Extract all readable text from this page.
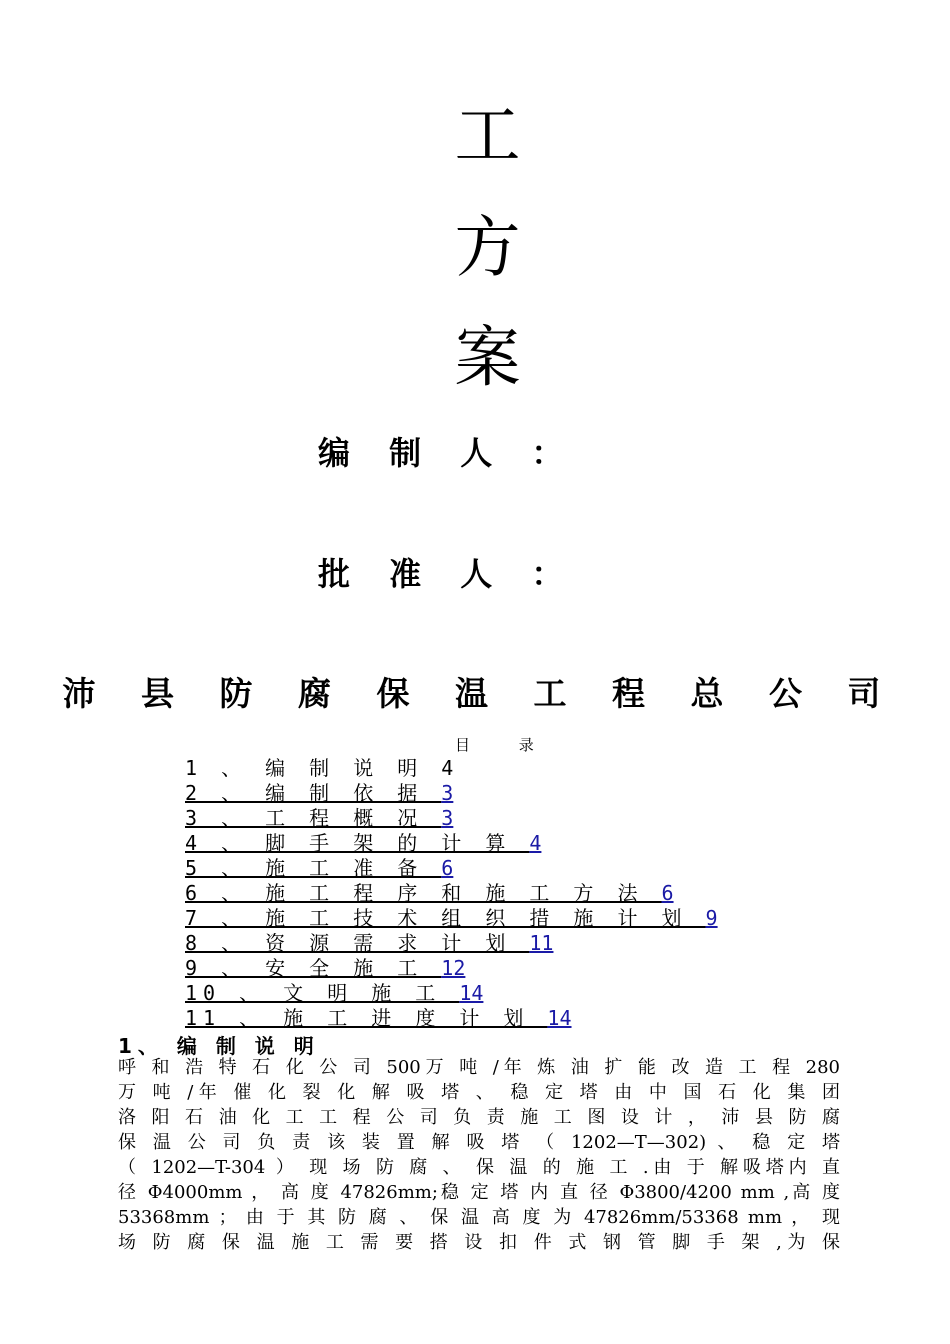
工
方
案
编 制 人 ：
批 准 人 ：
沛 县 防 腐 保 温 工 程 总 公 司
目 录
1 、 编 制 说 明 4
2 、 编 制 依 据 3
3 、 工 程 概 况 3
4 、 脚 手 架 的 计 算 4
5 、 施 工 准 备 6
6 、 施 工 程 序 和 施 工 方 法 6
7 、 施 工 技 术 组 织 措 施 计 划 9
8 、 资 源 需 求 计 划 11
9 、 安 全 施 工 12
10 、 文 明 施 工 14
11 、 施 工 进 度 计 划 14
1、 编 制 说 明
呼 和 浩 特 石 化 公 司 500万 吨 /年 炼 油 扩 能 改 造 工 程 280
万 吨 /年 催 化 裂 化 解 吸 塔 、 稳 定 塔 由 中 国 石 化 集 团
洛 阳 石 油 化 工 工 程 公 司 负 责 施 工 图 设 计 ， 沛 县 防 腐
保 温 公 司 负 责 该 装 置 解 吸 塔 （ 1202—T—302) 、 稳 定 塔
（ 1202—T-304 ） 现 场 防 腐 、 保 温 的 施 工 .由 于 解吸塔内 直
径 Φ4000mm ， 高 度 47826mm;稳 定 塔 内 直 径 Φ3800/4200 mm ,高 度
53368mm ； 由 于 其 防 腐 、 保 温 高 度 为 47826mm/53368 mm ， 现
场 防 腐 保 温 施 工 需 要 搭 设 扣 件 式 钢 管 脚 手 架 ,为 保
